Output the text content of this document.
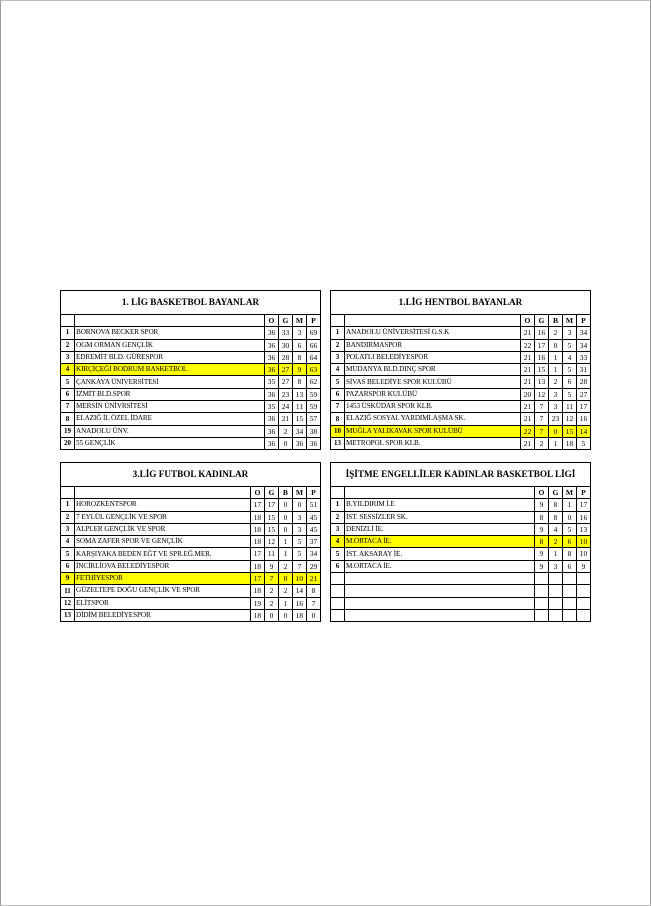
1. LİG BASKETBOL BAYANLAR					
		O	G	M	P
1	BORNOVA BECKER SPOR	36	33	3	69
2	OGM ORMAN GENÇLİK	36	30	6	66
3	EDREMİT BLD. GÜRESPOR	36	28	8	64
4	KIRÇİÇEĞİ BODRUM BASKETBOL	36	27	9	63
5	ÇANKAYA ÜNİVERSİTESİ	35	27	8	62
6	İZMİT BLD.SPOR	36	23	13	59
7	MERSİN ÜNİVRSİTESİ	35	24	11	59
8	ELAZIĞ İL ÖZEL İDARE	36	21	15	57
19	ANADOLU ÜNV.	36	2	34	38
20	55 GENÇLİK	36	0	36	36
1.LİG HENTBOL BAYANLAR						
		O	G	B	M	P
1	ANADOLU ÜNİVERSİTESİ G.S.K	21	16	2	3	34
2	BANDIRMASPOR	22	17	0	5	34
3	POLATLI BELEDİYESPOR	21	16	1	4	33
4	MUDANYA BLD.DINÇ SPOR	21	15	1	5	31
5	SİVAS BELEDİYE SPOR KULÜBÜ	21	13	2	6	28
6	PAZARSPOR KULÜBÜ	20	12	3	5	27
7	1453 ÜSKÜDAR SPOR KLB.	21	7	3	11	17
8	ELAZIĞ SOSYAL YARDIMLAŞMA SK.	21	7	23	12	16
10	MUĞLA YALIKAVAK SPOR KULÜBÜ	22	7	0	15	14
13	METROPOL SPOR KLB.	21	2	1	18	5
3.LİG FUTBOL KADINLAR						
		O	G	B	M	P
1	HOROZKENTSPOR	17	17	0	0	51
2	7 EYLÜL GENÇLİK VE SPOR	18	15	0	3	45
3	ALPLER GENÇLİK VE SPOR	18	15	0	3	45
4	SOMA ZAFER SPOR VE GENÇLİK	18	12	1	5	37
5	KARŞIYAKA BEDEN EĞT VE SPR.EĞ.MER.	17	11	1	5	34
6	İNCİRLİOVA BELEDİYESPOR	18	9	2	7	29
9	FETHİYESPOR	17	7	0	10	21
11	GÜZELTEPE DOĞU GENÇLİK VE SPOR	18	2	2	14	8
12	ELİTSPOR	19	2	1	16	7
13	DİDİM BELEDİYESPOR	18	0	0	18	0
İŞİTME ENGELLİLER KADINLAR BASKETBOL LİGİ					
		O	G	M	P
1	B.YILDIRIM İ.E	9	8	1	17
2	İST. SESSİZLER SK.	8	8	0	16
3	DENİZLİ İE.	9	4	5	13
4	M.ORTACA İE.	8	2	6	10
5	İST. AKSARAY İE.	9	1	8	10
6	M.ORTACA İE.	9	3	6	9
